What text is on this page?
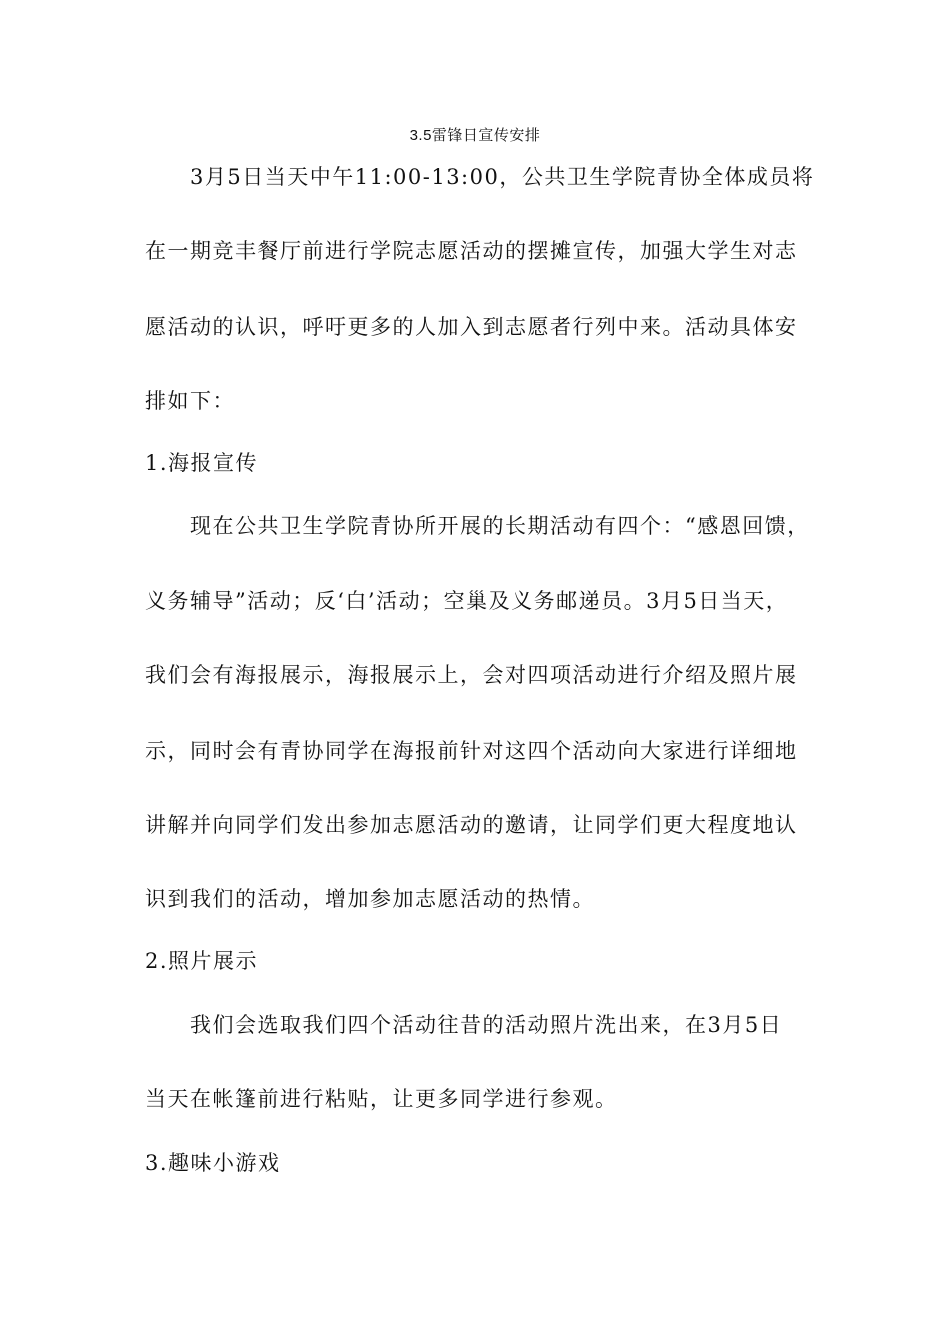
3.5雷锋日宣传安排
3月5日当天中午11:00-13:00，公共卫生学院青协全体成员将
在一期竞丰餐厅前进行学院志愿活动的摆摊宣传，加强大学生对志
愿活动的认识，呼吁更多的人加入到志愿者行列中来。活动具体安
排如下：
1.海报宣传
现在公共卫生学院青协所开展的长期活动有四个：“感恩回馈，
义务辅导”活动；反‘白’活动；空巢及义务邮递员。3月5日当天，
我们会有海报展示，海报展示上，会对四项活动进行介绍及照片展
示，同时会有青协同学在海报前针对这四个活动向大家进行详细地
讲解并向同学们发出参加志愿活动的邀请，让同学们更大程度地认
识到我们的活动，增加参加志愿活动的热情。
2.照片展示
我们会选取我们四个活动往昔的活动照片洗出来，在3月5日
当天在帐篷前进行粘贴，让更多同学进行参观。
3.趣味小游戏
